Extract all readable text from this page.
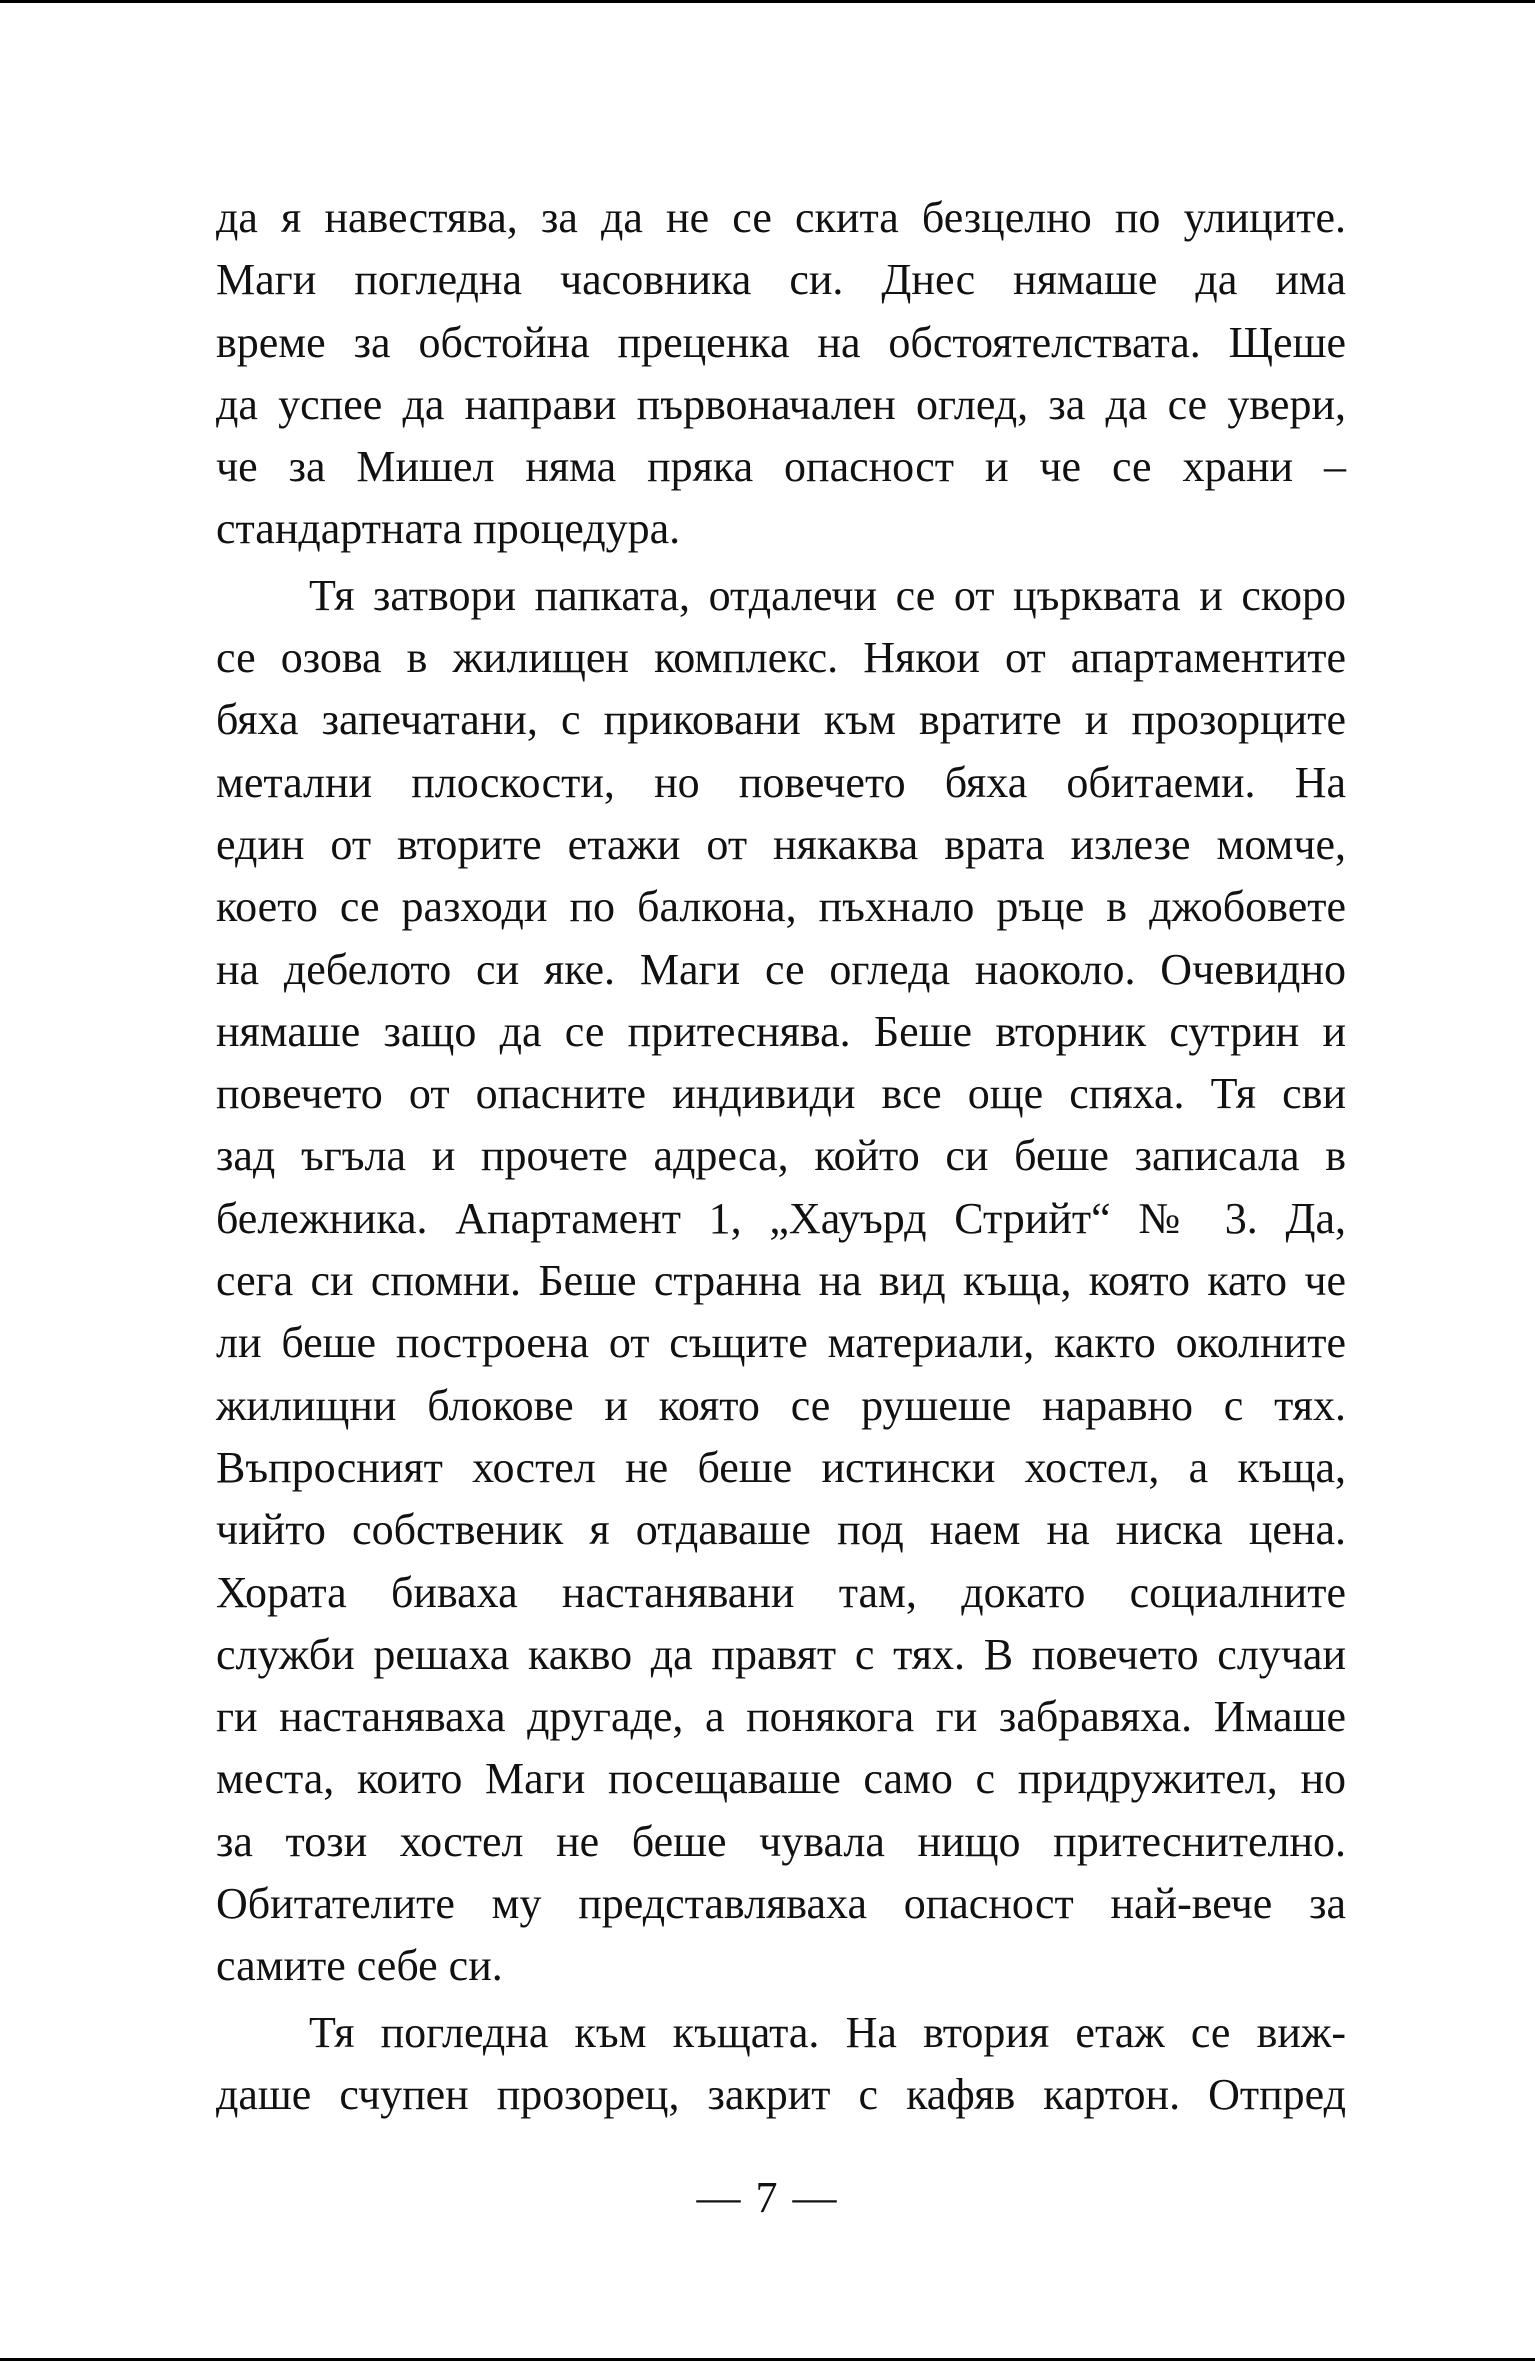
да я навестява, за да не се скита безцелно по улиците.
Маги погледна часовника си. Днес нямаше да има
време за обстойна преценка на обстоятелствата. Щеше
да успее да направи първоначален оглед, за да се увери,
че за Мишел няма пряка опасност и че се храни –
стандартната процедура.
Тя затвори папката, отдалечи се от църквата и скоро
се озова в жилищен комплекс. Някои от апартаментите
бяха запечатани, с приковани към вратите и прозорците
метални плоскости, но повечето бяха обитаеми. На
един от вторите етажи от някаква врата излезе момче,
което се разходи по балкона, пъхнало ръце в джобовете
на дебелото си яке. Маги се огледа наоколо. Очевидно
нямаше защо да се притеснява. Беше вторник сутрин и
повечето от опасните индивиди все още спяха. Тя сви
зад ъгъла и прочете адреса, който си беше записала в
бележника. Апартамент 1, „Хауърд Стрийт“ № 3. Да,
сега си спомни. Беше странна на вид къща, която като че
ли беше построена от същите материали, както околните
жилищни блокове и която се рушеше наравно с тях.
Въпросният хостел не беше истински хостел, а къща,
чийто собственик я отдаваше под наем на ниска цена.
Хората биваха настанявани там, докато социалните
служби решаха какво да правят с тях. В повечето случаи
ги настаняваха другаде, а понякога ги забравяха. Имаше
места, които Маги посещаваше само с придружител, но
за този хостел не беше чувала нищо притеснително.
Обитателите му представляваха опасност най-вече за
самите себе си.
Тя погледна към къщата. На втория етаж се виж-
даше счупен прозорец, закрит с кафяв картон. Отпред
— 7 —
